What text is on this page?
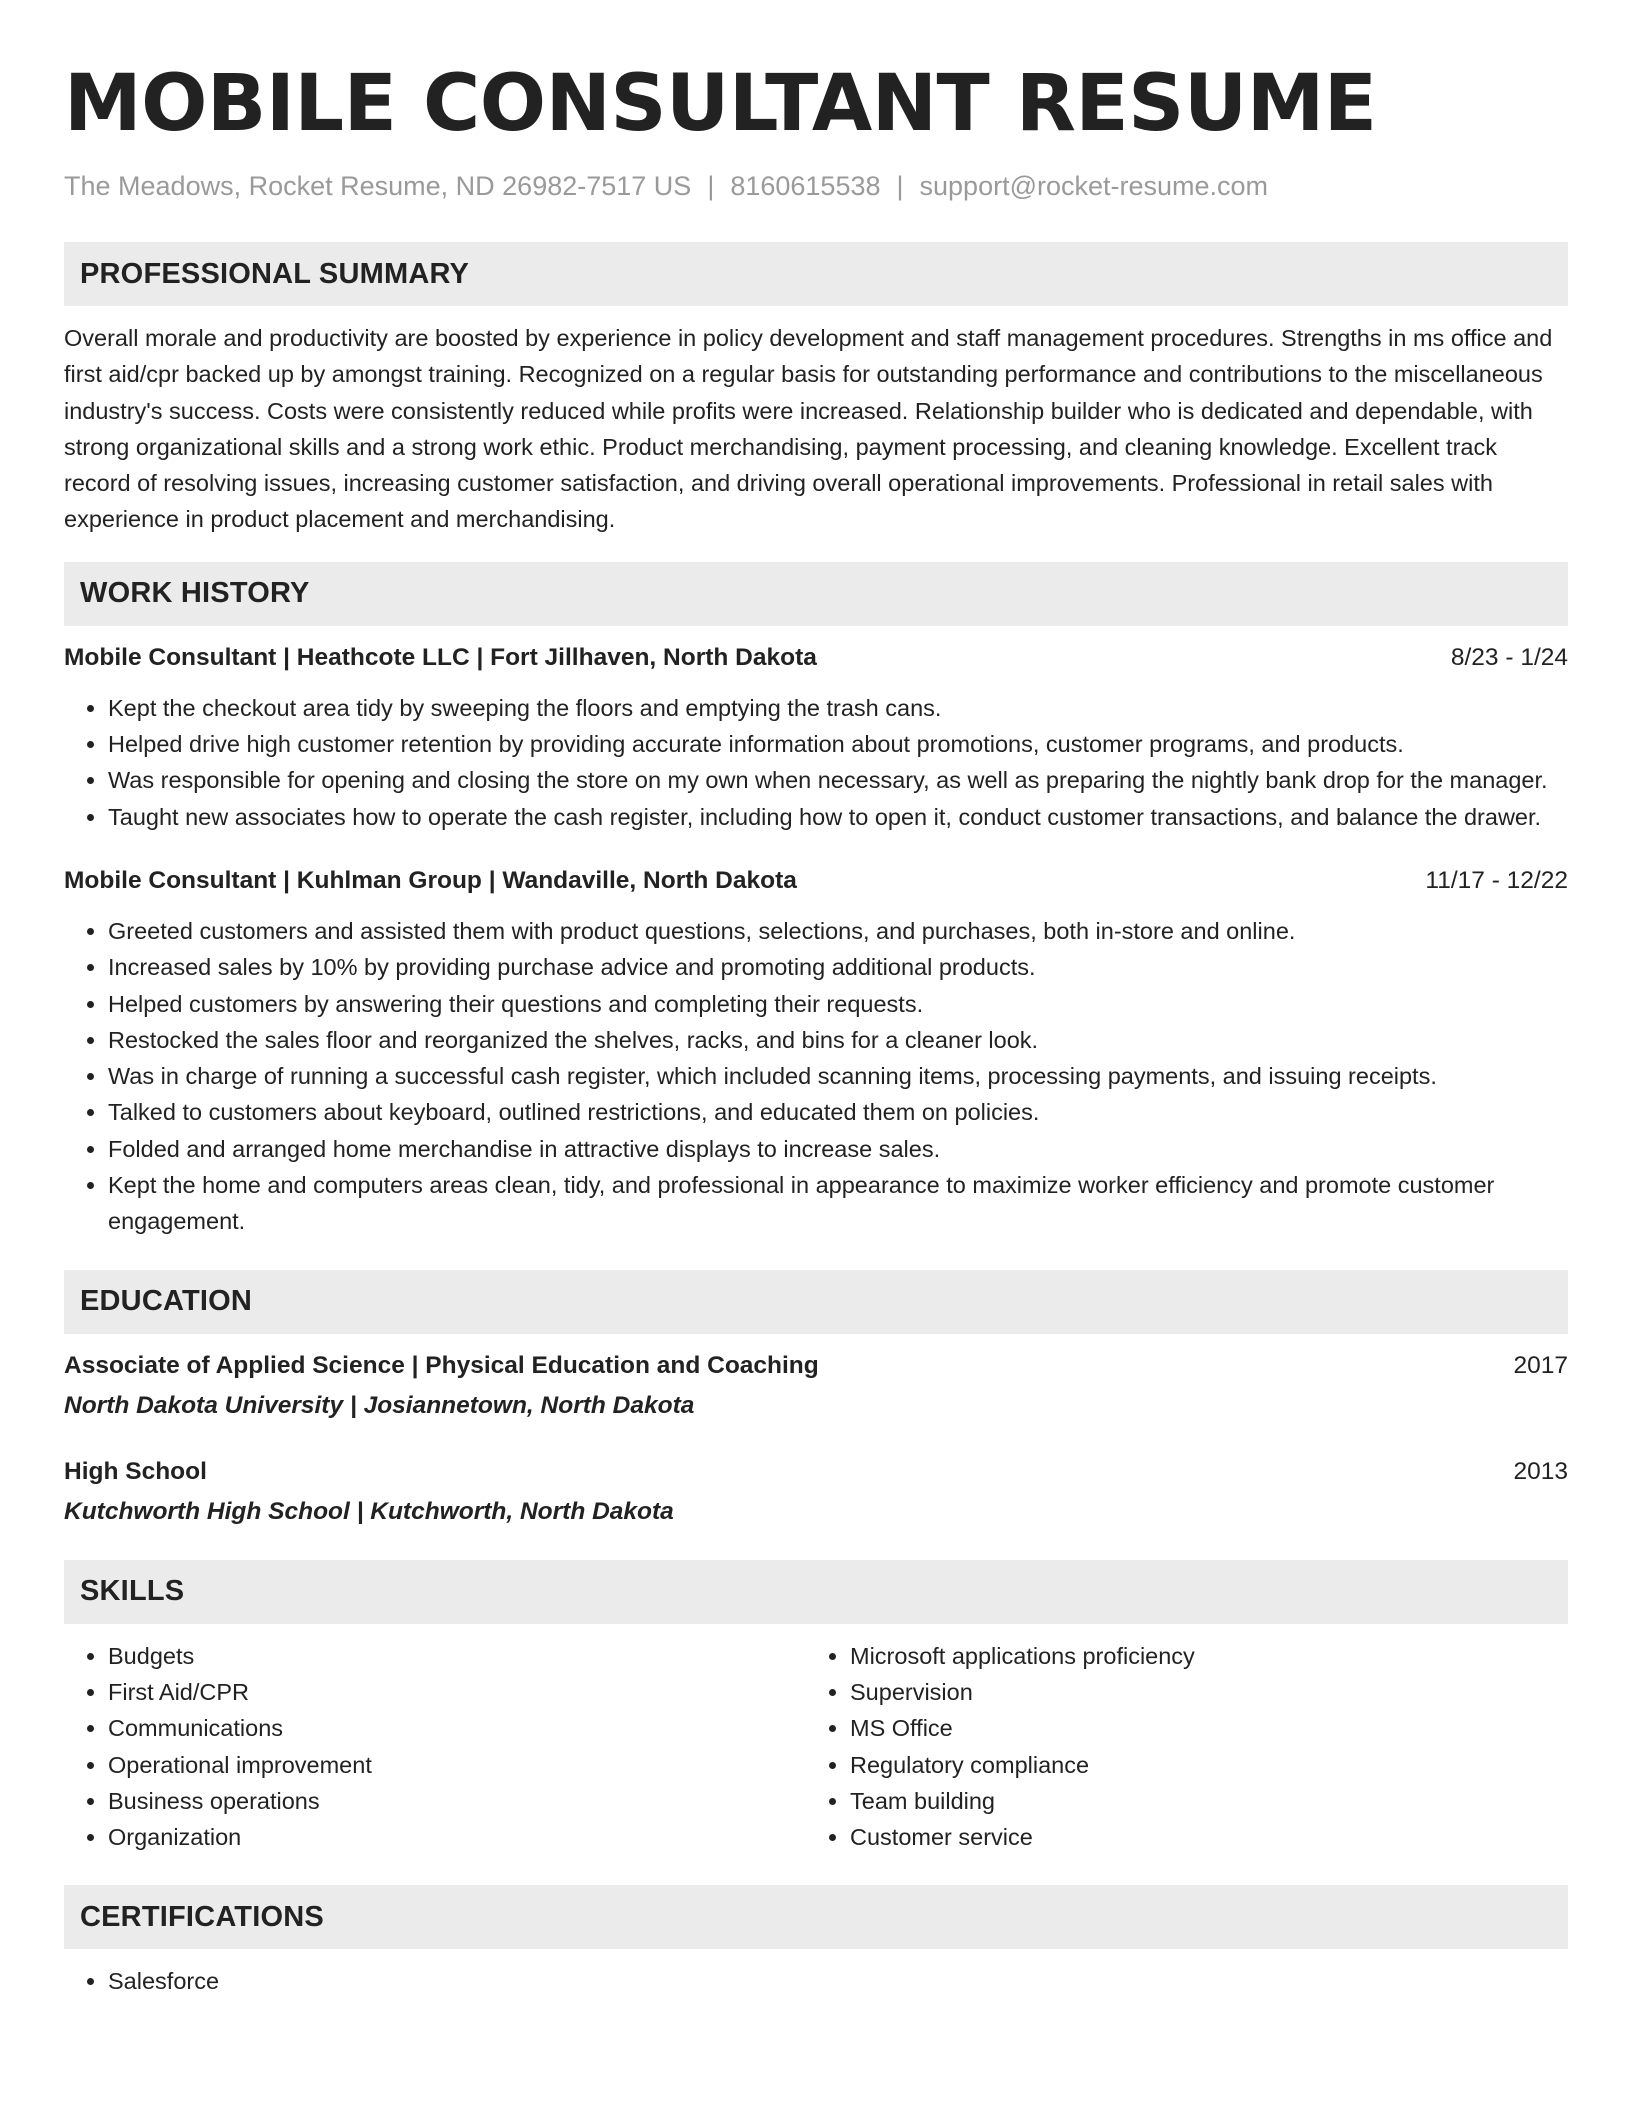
MOBILE CONSULTANT RESUME
The Meadows, Rocket Resume, ND 26982-7517 US | 8160615538 | support@rocket-resume.com
PROFESSIONAL SUMMARY

Overall morale and productivity are boosted by experience in policy development and staff management procedures. Strengths in ms office and first aid/cpr backed up by amongst training. Recognized on a regular basis for outstanding performance and contributions to the miscellaneous industry's success. Costs were consistently reduced while profits were increased. Relationship builder who is dedicated and dependable, with strong organizational skills and a strong work ethic. Product merchandising, payment processing, and cleaning knowledge. Excellent track record of resolving issues, increasing customer satisfaction, and driving overall operational improvements. Professional in retail sales with experience in product placement and merchandising.

WORK HISTORY
Mobile Consultant | Heathcote LLC | Fort Jillhaven, North Dakota	8/23 - 1/24
• Kept the checkout area tidy by sweeping the floors and emptying the trash cans.
• Helped drive high customer retention by providing accurate information about promotions, customer programs, and products.
• Was responsible for opening and closing the store on my own when necessary, as well as preparing the nightly bank drop for the manager.
• Taught new associates how to operate the cash register, including how to open it, conduct customer transactions, and balance the drawer.
Mobile Consultant | Kuhlman Group | Wandaville, North Dakota	11/17 - 12/22
• Greeted customers and assisted them with product questions, selections, and purchases, both in-store and online.
• Increased sales by 10% by providing purchase advice and promoting additional products.
• Helped customers by answering their questions and completing their requests.
• Restocked the sales floor and reorganized the shelves, racks, and bins for a cleaner look.
• Was in charge of running a successful cash register, which included scanning items, processing payments, and issuing receipts.
• Talked to customers about keyboard, outlined restrictions, and educated them on policies.
• Folded and arranged home merchandise in attractive displays to increase sales.
• Kept the home and computers areas clean, tidy, and professional in appearance to maximize worker efficiency and promote customer engagement.
EDUCATION
Associate of Applied Science | Physical Education and Coaching	2017
North Dakota University | Josiannetown, North Dakota
High School	2013
Kutchworth High School | Kutchworth, North Dakota
SKILLS
• Budgets
• First Aid/CPR
• Communications
• Operational improvement
• Business operations
• Organization
• Microsoft applications proficiency
• Supervision
• MS Office
• Regulatory compliance
• Team building
• Customer service
CERTIFICATIONS
• Salesforce
